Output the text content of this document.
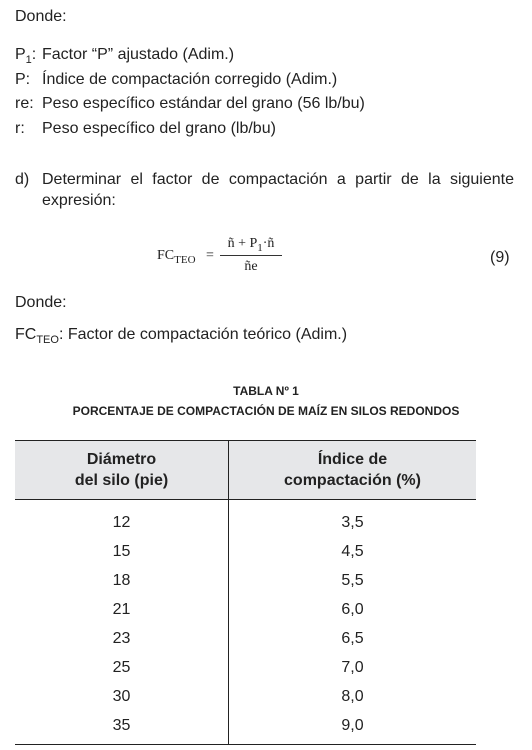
Donde:
$P_1$: Factor “P” ajustado (Adim.)
P: Índice de compactación corregido (Adim.)
re: Peso específico estándar del grano (56 lb/bu)
r: Peso específico del grano (lb/bu)
d) Determinar el factor de compactación a partir de la siguiente
expresión:
$FC_{TEO} = \frac{ñ + P_1\cdot ñ}{ñe}$	(9)
Donde:
$FC_{TEO}$: Factor de compactación teórico (Adim.)
TABLA Nº 1
PORCENTAJE DE COMPACTACIÓN DE MAÍZ EN SILOS REDONDOS
Diámetro
del silo (pie)	Índice de
compactación (%)
12	3,5
15	4,5
18	5,5
21	6,0
23	6,5
25	7,0
30	8,0
35	9,0
